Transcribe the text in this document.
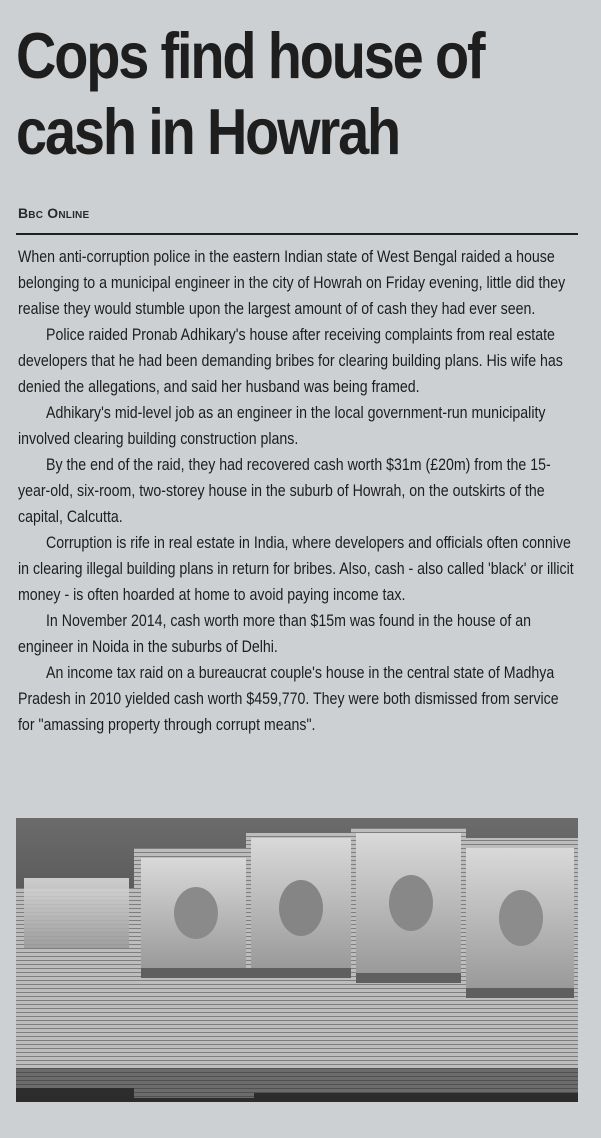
Cops find house of
cash in Howrah
Bbc Online

When anti-corruption police in the eastern Indian state of West Bengal raided a house belonging to a municipal engineer in the city of Howrah on Friday evening, little did they realise they would stumble upon the largest amount of of cash they had ever seen.

Police raided Pronab Adhikary's house after receiving complaints from real estate developers that he had been demanding bribes for clearing building plans. His wife has denied the allegations, and said her husband was being framed.

Adhikary's mid-level job as an engineer in the local government-run municipality involved clearing building construction plans.

By the end of the raid, they had recovered cash worth $31m (£20m) from the 15-year-old, six-room, two-storey house in the suburb of Howrah, on the outskirts of the capital, Calcutta.

Corruption is rife in real estate in India, where developers and officials often connive in clearing illegal building plans in return for bribes. Also, cash - also called 'black' or illicit money - is often hoarded at home to avoid paying income tax.

In November 2014, cash worth more than $15m was found in the house of an engineer in Noida in the suburbs of Delhi.

An income tax raid on a bureaucrat couple's house in the central state of Madhya Pradesh in 2010 yielded cash worth $459,770. They were both dismissed from service for "amassing property through corrupt means".
